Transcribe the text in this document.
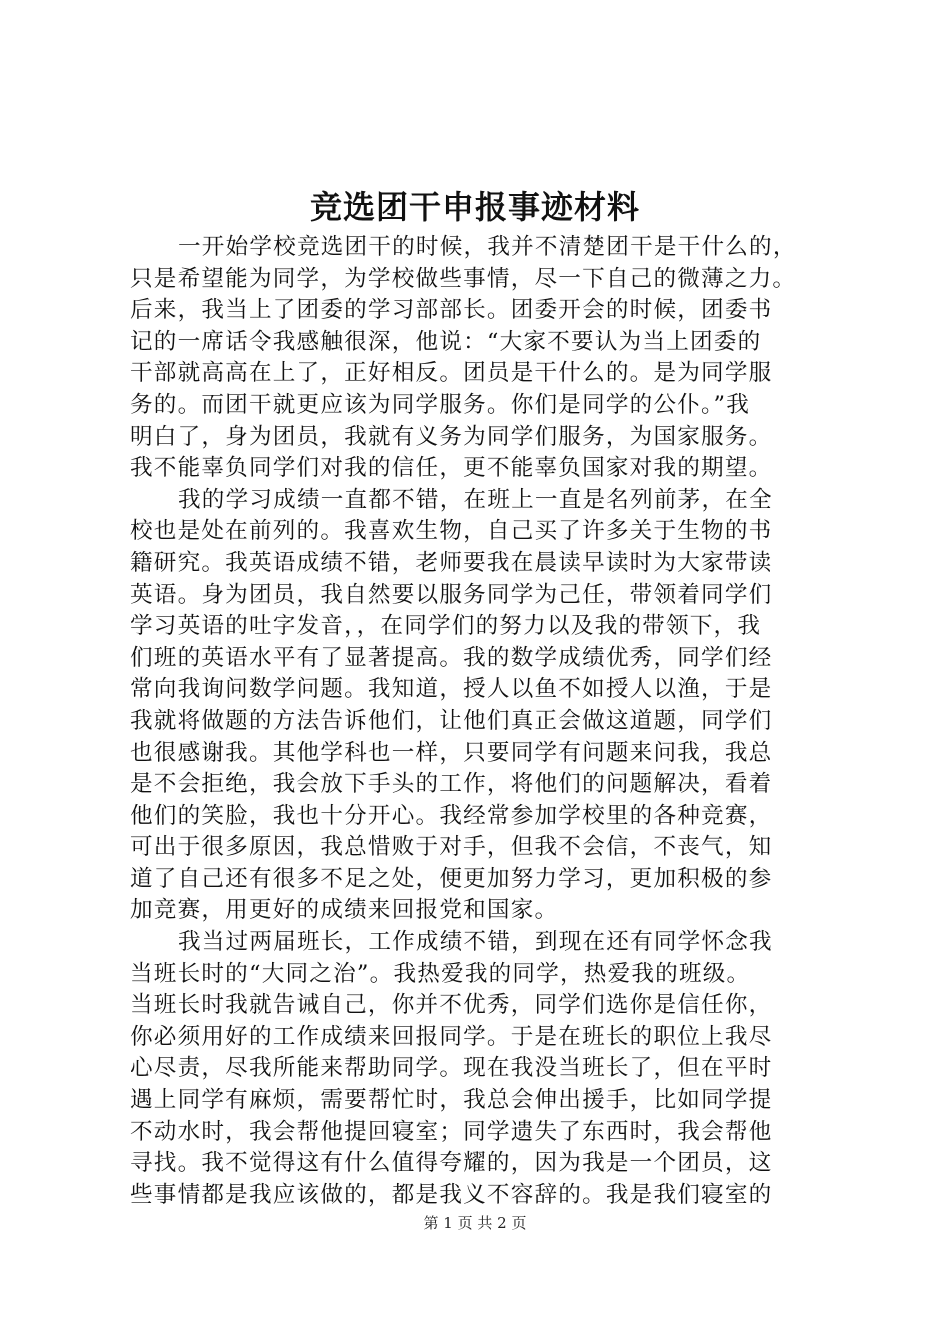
竞选团干申报事迹材料
一开始学校竞选团干的时候，我并不清楚团干是干什么的，
只是希望能为同学，为学校做些事情，尽一下自己的微薄之力。
后来，我当上了团委的学习部部长。团委开会的时候，团委书
记的一席话令我感触很深，他说：“大家不要认为当上团委的
干部就高高在上了，正好相反。团员是干什么的。是为同学服
务的。而团干就更应该为同学服务。你们是同学的公仆。”我
明白了，身为团员，我就有义务为同学们服务，为国家服务。
我不能辜负同学们对我的信任，更不能辜负国家对我的期望。
我的学习成绩一直都不错，在班上一直是名列前茅，在全
校也是处在前列的。我喜欢生物，自己买了许多关于生物的书
籍研究。我英语成绩不错，老师要我在晨读早读时为大家带读
英语。身为团员，我自然要以服务同学为己任，带领着同学们
学习英语的吐字发音，，在同学们的努力以及我的带领下，我
们班的英语水平有了显著提高。我的数学成绩优秀，同学们经
常向我询问数学问题。我知道，授人以鱼不如授人以渔，于是
我就将做题的方法告诉他们，让他们真正会做这道题，同学们
也很感谢我。其他学科也一样，只要同学有问题来问我，我总
是不会拒绝，我会放下手头的工作，将他们的问题解决，看着
他们的笑脸，我也十分开心。我经常参加学校里的各种竞赛，
可出于很多原因，我总惜败于对手，但我不会信，不丧气，知
道了自己还有很多不足之处，便更加努力学习，更加积极的参
加竞赛，用更好的成绩来回报党和国家。
我当过两届班长，工作成绩不错，到现在还有同学怀念我
当班长时的“大同之治”。我热爱我的同学，热爱我的班级。
当班长时我就告诫自己，你并不优秀，同学们选你是信任你，
你必须用好的工作成绩来回报同学。于是在班长的职位上我尽
心尽责，尽我所能来帮助同学。现在我没当班长了，但在平时
遇上同学有麻烦，需要帮忙时，我总会伸出援手，比如同学提
不动水时，我会帮他提回寝室；同学遗失了东西时，我会帮他
寻找。我不觉得这有什么值得夸耀的，因为我是一个团员，这
些事情都是我应该做的，都是我义不容辞的。我是我们寝室的
第 1 页 共 2 页
